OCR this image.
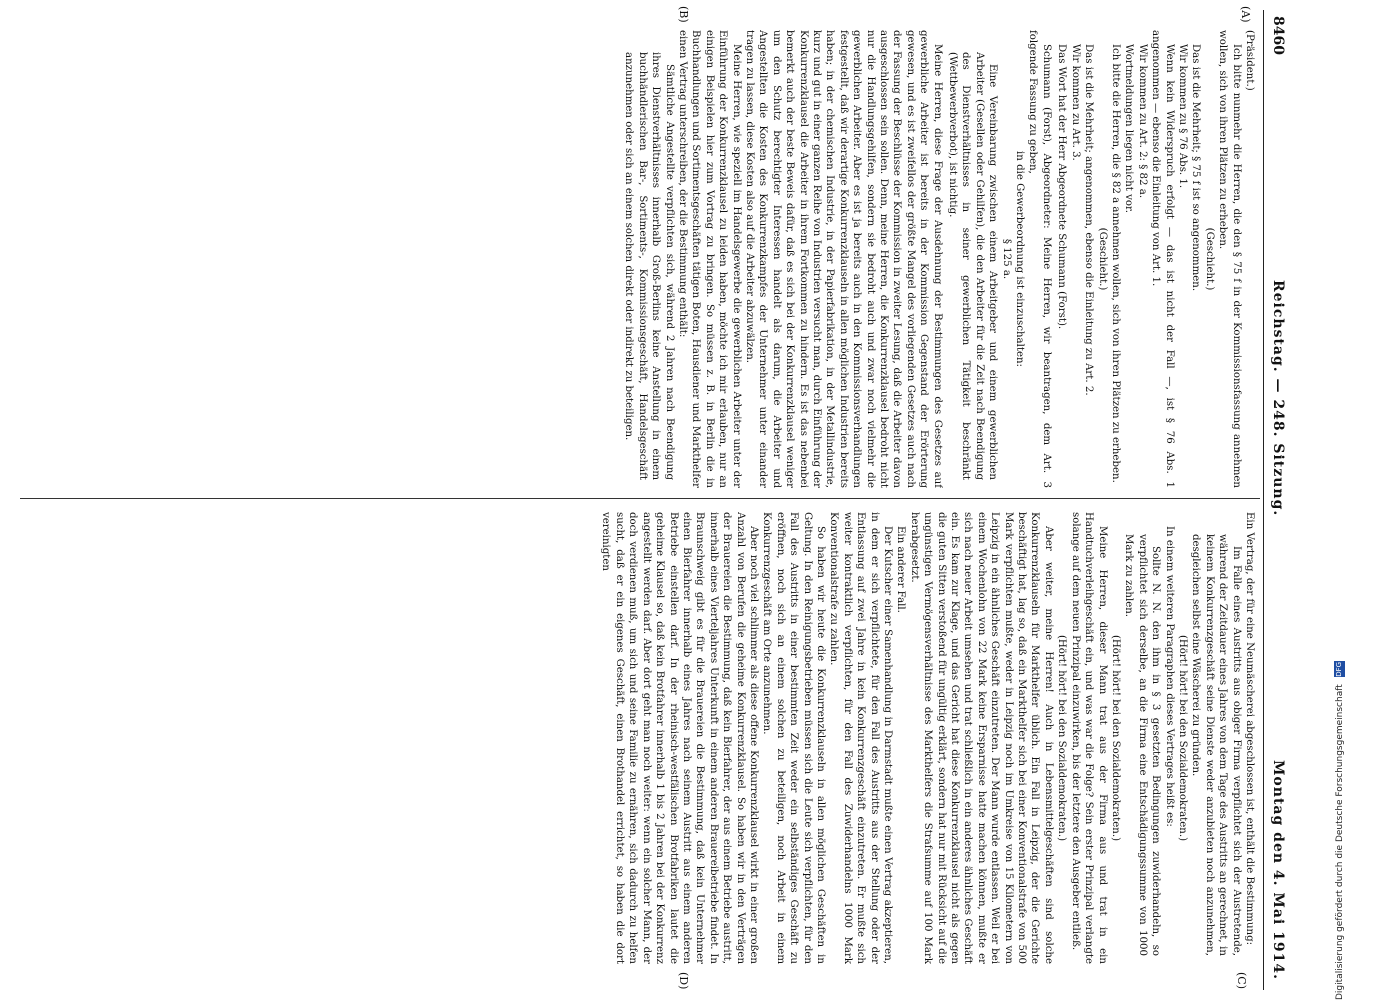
8460
Reichstag. — 248. Sitzung.
Montag den 4. Mai 1914.
(A)
(B)
(C)
(D)

(Präsident.)

Ich bitte nunmehr die Herren, die den § 75 f in der Kommissionsfassung annehmen wollen, sich von ihren Plätzen zu erheben.

(Geschieht.)

Das ist die Mehrheit; § 75 f ist so angenommen.

Wir kommen zu § 76 Abs. 1.

Wenn kein Widerspruch erfolgt — das ist nicht der Fall —, ist § 76 Abs. 1 angenommen — ebenso die Einleitung von Art. 1.

Wir kommen zu Art. 2: § 82 a.

Wortmeldungen liegen nicht vor.

Ich bitte die Herren, die § 82 a annehmen wollen, sich von ihren Plätzen zu erheben.

(Geschieht.)

Das ist die Mehrheit; angenommen, ebenso die Einleitung zu Art. 2.

Wir kommen zu Art. 3.

Das Wort hat der Herr Abgeordnete Schumann (Forst).

Schumann (Forst), Abgeordneter: Meine Herren, wir beantragen, dem Art. 3 folgende Fassung zu geben,

in die Gewerbeordnung ist einzuschalten:

§ 125 a.

Eine Vereinbarung zwischen einem Arbeitgeber und einem gewerblichen Arbeiter (Gesellen oder Gehilfen), die den Arbeiter für die Zeit nach Beendigung des Dienstverhältnisses in seiner gewerblichen Tätigkeit beschränkt (Wettbewerbverbot), ist nichtig.

Meine Herren, diese Frage der Ausdehnung der Bestimmungen des Gesetzes auf gewerbliche Arbeiter ist bereits in der Kommission Gegenstand der Erörterung gewesen, und es ist zweifellos der größte Mangel des vorliegenden Gesetzes auch nach der Fassung der Beschlüsse der Kommission in zweiter Lesung, daß die Arbeiter davon ausgeschlossen sein sollen. Denn, meine Herren, die Konkurrenzklausel bedroht nicht nur die Handlungsgehilfen, sondern sie bedroht auch und zwar noch vielmehr die gewerblichen Arbeiter. Aber es ist ja bereits auch in den Kommissionsverhandlungen festgestellt, daß wir derartige Konkurrenzklauseln in allen möglichen Industrien bereits haben; in der chemischen Industrie, in der Papierfabrikation, in der Metallindustrie, kurz und gut in einer ganzen Reihe von Industrien versucht man, durch Einführung der Konkurrenzklausel die Arbeiter in ihrem Fortkommen zu hindern. Es ist das nebenbei bemerkt auch der beste Beweis dafür, daß es sich bei der Konkurrenzklausel weniger um den Schutz berechtigter Interessen handelt als darum, die Arbeiter und Angestellten die Kosten des Konkurrenzkampfes der Unternehmer unter einander tragen zu lassen, diese Kosten also auf die Arbeiter abzuwälzen.

Meine Herren, wie speziell im Handelsgewerbe die gewerblichen Arbeiter unter der Einführung der Konkurrenzklausel zu leiden haben, möchte ich mir erlauben, nur an einigen Beispielen hier zum Vortrag zu bringen. So müssen z. B. in Berlin die in Buchhandlungen und Sortimentsgeschäften tätigen Boten, Hausdiener und Markthelfer einen Vertrag unterschreiben, der die Bestimmung enthält:

Sämtliche Angestellte verpflichten sich, während 2 Jahren nach Beendigung ihres Dienstverhältnisses innerhalb Groß-Berlins keine Anstellung in einem buchhändlerischen Bar-, Sortiments-, Kommissionsgeschäft, Handelsgeschäft anzunehmen oder sich an einem solchen direkt oder indirekt zu beteiligen.

Ein Vertrag, der für eine Neumäscherei abgeschlossen ist, enthält die Bestimmung:

Im Falle eines Austritts aus obiger Firma verpflichtet sich der Austretende, während der Zeitdauer eines Jahres von dem Tage des Austritts an gerechnet, in keinem Konkurrenzgeschäft seine Dienste weder anzubieten noch anzunehmen, desgleichen selbst eine Wäscherei zu gründen.

(Hört! hört! bei den Sozialdemokraten.)

In einem weiteren Paragraphen dieses Vertrages heißt es:

Sollte N. N. den ihm in § 3 gesetzten Bedingungen zuwiderhandeln, so verpflichtet sich derselbe, an die Firma eine Entschädigungssumme von 1000 Mark zu zahlen.

(Hört! hört! bei den Sozialdemokraten.)

Meine Herren, dieser Mann trat aus der Firma aus und trat in ein Handtuchverleihgeschäft ein, und was war die Folge? Sein erster Prinzipal verlangte solange auf dem neuen Prinzipal einzuwirken, bis der letztere den Ausgeber entließ.

(Hört! hört! bei den Sozialdemokraten.)

Aber weiter, meine Herren! Auch in Lebensmittelgeschäften sind solche Konkurrenzklauseln für Markthelfer üblich. Ein Fall in Leipzig, der die Gerichte beschäftigt hat, lag so, daß ein Markthelfer sich bei einer Konventionalstrafe von 500 Mark verpflichten mußte, weder in Leipzig noch im Umkreise von 15 Kilometern von Leipzig in ein ähnliches Geschäft einzutreten. Der Mann wurde entlassen. Weil er bei einem Wochenlohn von 22 Mark keine Ersparnisse hatte machen können, mußte er sich nach neuer Arbeit umsehen und trat schließlich in ein anderes ähnliches Geschäft ein. Es kam zur Klage, und das Gericht hat diese Konkurrenzklausel nicht als gegen die guten Sitten verstoßend für ungültig erklärt, sondern hat nur mit Rücksicht auf die ungünstigen Vermögensverhältnisse des Markthelfers die Strafsumme auf 100 Mark herabgesetzt.

Ein anderer Fall.

Der Kutscher einer Samenhandlung in Darmstadt mußte einen Vertrag akzeptieren, in dem er sich verpflichtete, für den Fall des Austritts aus der Stellung oder der Entlassung auf zwei Jahre in kein Konkurrenzgeschäft einzutreten. Er mußte sich weiter kontraktlich verpflichten, für den Fall des Zuwiderhandelns 1000 Mark Konventionalstrafe zu zahlen.

So haben wir heute die Konkurrenzklauseln in allen möglichen Geschäften in Geltung. In den Reinigungsbetrieben müssen sich die Leute sich verpflichten, für den Fall des Austritts in einer bestimmten Zeit weder ein selbständiges Geschäft zu eröffnen, noch sich an einem solchen zu beteiligen, noch Arbeit in einem Konkurrenzgeschäft am Orte anzunehmen.

Aber noch viel schlimmer als diese offene Konkurrenzklausel wirkt in einer großen Anzahl von Berufen die geheime Konkurrenzklausel. So haben wir in den Verträgen der Brauereien die Bestimmung, daß kein Bierfahrer, der aus einem Betriebe austritt, innerhalb eines Vierteljahres Unterkunft in einem anderen Brauereibetriebe findet. In Braunschweig gibt es für die Brauereien die Bestimmung, daß kein Unternehmer einen Bierfahrer innerhalb eines Jahres nach seinem Austritt aus einem anderen Betriebe einstellen darf. In der rheinisch-westfälischen Brotfabriken lautet die geheime Klausel so, daß kein Brotfahrer innerhalb 1 bis 2 Jahren bei der Konkurrenz angestellt werden darf. Aber dort geht man noch weiter: wenn ein solcher Mann, der doch verdienen muß, um sich und seine Familie zu ernähren, sich dadurch zu helfen sucht, daß er ein eigenes Geschäft, einen Brothandel errichtet, so haben die dort vereinigten

Digitalisierung gefördert durch die Deutsche Forschungsgemeinschaft DFG
